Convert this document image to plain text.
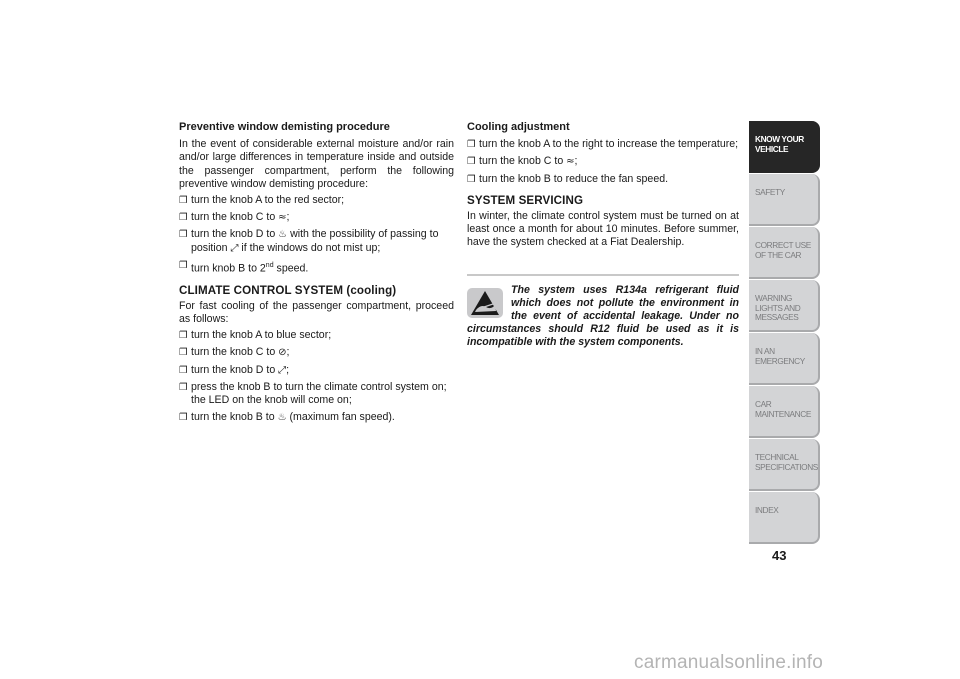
Preventive window demisting procedure
In the event of considerable external moisture and/or rain and/or large differences in temperature inside and outside the passenger compartment, perform the following preventive window demisting procedure:
❒ turn the knob A to the red sector;
❒ turn the knob C to ≈;
❒ turn the knob D to ♨ with the possibility of passing to position ⤢ if the windows do not mist up;
❒ turn knob B to 2nd speed.
CLIMATE CONTROL SYSTEM (cooling)
For fast cooling of the passenger compartment, proceed as follows:
❒ turn the knob A to blue sector;
❒ turn the knob C to ⊘;
❒ turn the knob D to ⤢;
❒ press the knob B to turn the climate control system on; the LED on the knob will come on;
❒ turn the knob B to ♨ (maximum fan speed).
Cooling adjustment
❒ turn the knob A to the right to increase the temperature;
❒ turn the knob C to ≈;
❒ turn the knob B to reduce the fan speed.
SYSTEM SERVICING
In winter, the climate control system must be turned on at least once a month for about 10 minutes. Before summer, have the system checked at a Fiat Dealership.
The system uses R134a refrigerant fluid which does not pollute the environment in the event of accidental leakage. Under no circumstances should R12 fluid be used as it is incompatible with the system components.
KNOW YOUR VEHICLE
SAFETY
CORRECT USE OF THE CAR
WARNING LIGHTS AND MESSAGES
IN AN EMERGENCY
CAR MAINTENANCE
TECHNICAL SPECIFICATIONS
INDEX
43
carmanualsonline.info
